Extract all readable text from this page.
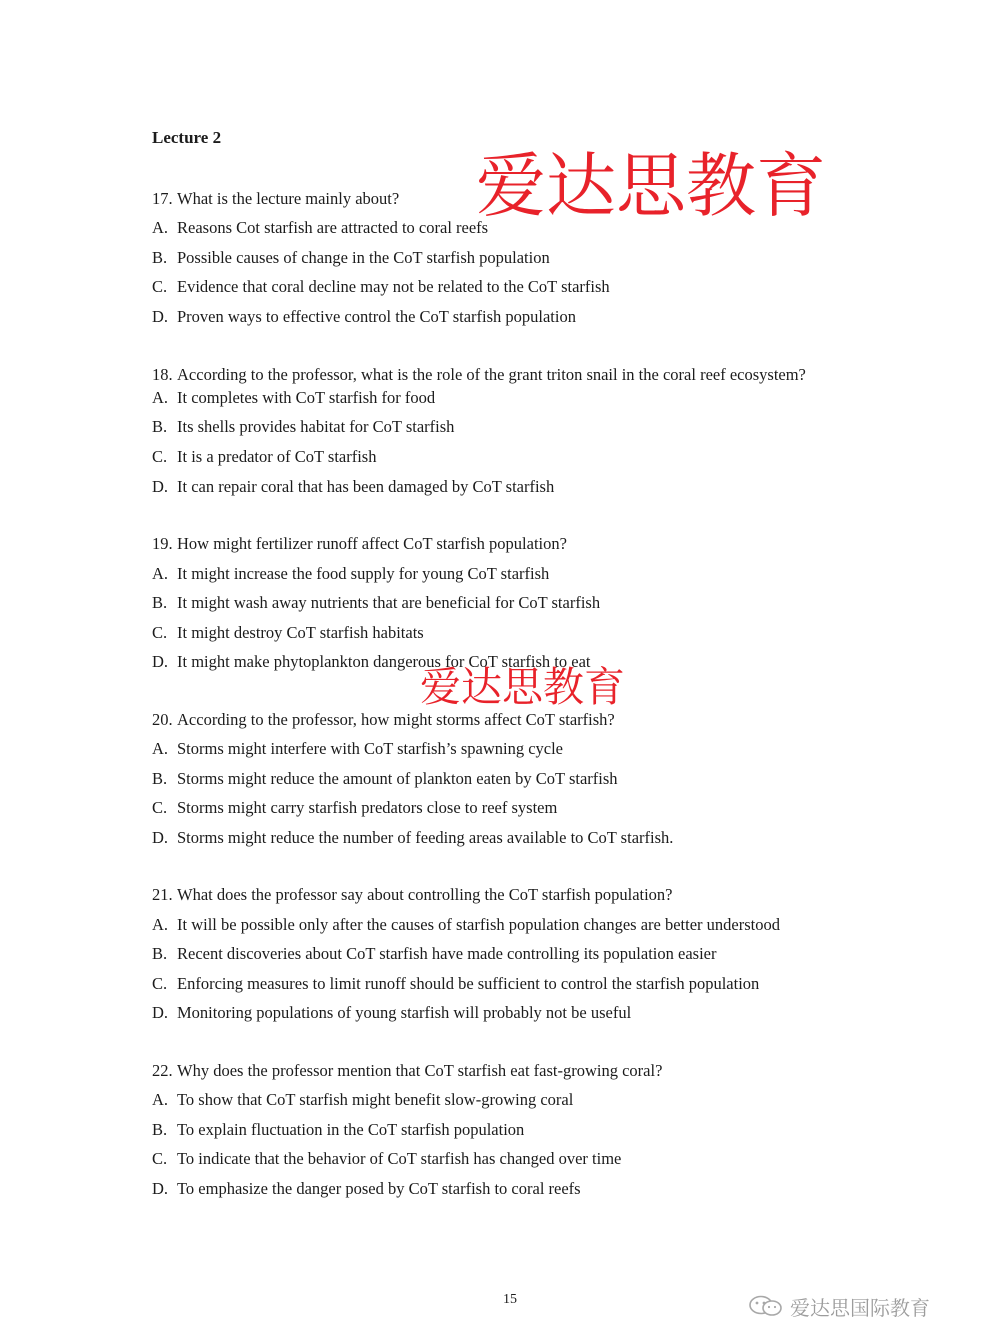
Lecture 2
17. What is the lecture mainly about?
A. Reasons Cot starfish are attracted to coral reefs
B. Possible causes of change in the CoT starfish population
C. Evidence that coral decline may not be related to the CoT starfish
D. Proven ways to effective control the CoT starfish population
18. According to the professor, what is the role of the grant triton snail in the coral reef ecosystem?
A. It completes with CoT starfish for food
B. Its shells provides habitat for CoT starfish
C. It is a predator of CoT starfish
D. It can repair coral that has been damaged by CoT starfish
19. How might fertilizer runoff affect CoT starfish population?
A. It might increase the food supply for young CoT starfish
B. It might wash away nutrients that are beneficial for CoT starfish
C. It might destroy CoT starfish habitats
D. It might make phytoplankton dangerous for CoT starfish to eat
20. According to the professor, how might storms affect CoT starfish?
A. Storms might interfere with CoT starfish’s spawning cycle
B. Storms might reduce the amount of plankton eaten by CoT starfish
C. Storms might carry starfish predators close to reef system
D. Storms might reduce the number of feeding areas available to CoT starfish.
21. What does the professor say about controlling the CoT starfish population?
A. It will be possible only after the causes of starfish population changes are better understood
B. Recent discoveries about CoT starfish have made controlling its population easier
C. Enforcing measures to limit runoff should be sufficient to control the starfish population
D. Monitoring populations of young starfish will probably not be useful
22. Why does the professor mention that CoT starfish eat fast-growing coral?
A. To show that CoT starfish might benefit slow-growing coral
B. To explain fluctuation in the CoT starfish population
C. To indicate that the behavior of CoT starfish has changed over time
D. To emphasize the danger posed by CoT starfish to coral reefs
爱达思教育
爱达思教育
15	爱达思国际教育
